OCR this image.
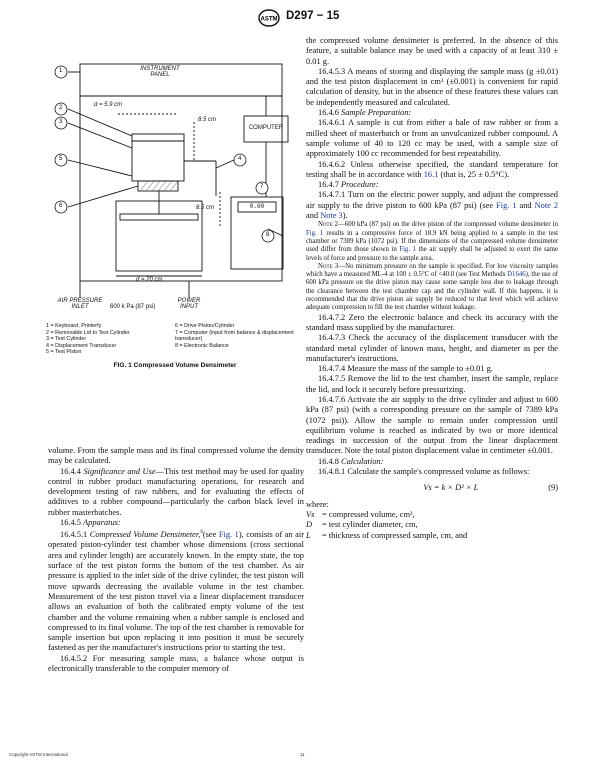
ASTM D297 − 15
INSTRUMENT PANEL
d = 5.9 cm
8.5 cm
COMPUTER
8.5 cm	0.00
d = 20 cm
AIR PRESSURE INLET	600 k Pa (87 psi)
POWER INPUT
1
2
3
4
5
6
7
8
1 = Keyboard, Printerfy
2 = Removable Lid to Test Cylinder
3 = Test Cylinder
4 = Displacement Transducer
5 = Test Piston
6 = Drive Piston/Cylinder
7 = Computer (input from balance & displacement transducer)
8 = Electronic Balance
FIG. 1 Compressed Volume Densimeter

volume. From the sample mass and its final compressed volume the density may be calculated.

16.4.4 Significance and Use—This test method may be used for quality control in rubber product manufacturing operations, for research and development testing of raw rubbers, and for evaluating the effects of additives to a rubber compound—particularly the carbon black level in rubber masterbatches.

16.4.5 Apparatus:

16.4.5.1 Compressed Volume Densimeter,$^6$(see Fig. 1), consists of an air operated piston-cylinder test chamber whose dimensions (cross sectional area and cylinder length) are accurately known. In the empty state, the top surface of the test piston forms the bottom of the test chamber. As air pressure is applied to the inlet side of the drive cylinder, the test piston will move upwards decreasing the available volume in the test chamber. Measurement of the test piston travel via a linear displacement transducer allows an evaluation of both the calibrated empty volume of the test chamber and the volume remaining when a rubber sample is enclosed and compressed to its final volume. The top of the test chamber is removable for sample insertion but upon replacing it into position it must be securely fastened as per the manufacturer's instructions prior to starting the test.

16.4.5.2 For measuring sample mass, a balance whose output is electronically transferable to the computer memory of

the compressed volume densimeter is preferred. In the absence of this feature, a suitable balance may be used with a capacity of at least 310 ± 0.01 g.

16.4.5.3 A means of storing and displaying the sample mass (g ±0.01) and the test piston displacement in cm³ (±0.001) is convenient for rapid calculation of density, but in the absence of these features these values can be independently measured and calculated.

16.4.6 Sample Preparation:

16.4.6.1 A sample is cut from either a bale of raw rubber or from a milled sheet of masterbatch or from an unvulcanized rubber compound. A sample volume of 40 to 120 cc may be used, with a sample size of approximately 100 cc recommended for best repeatability.

16.4.6.2 Unless otherwise specified, the standard temperature for testing shall be in accordance with 16.1 (that is, 25 ± 0.5°C).

16.4.7 Procedure:

16.4.7.1 Turn on the electric power supply, and adjust the compressed air supply to the drive piston to 600 kPa (87 psi) (see Fig. 1 and Note 2 and Note 3).

Note 2—600 kPa (87 psi) on the drive piston of the compressed volume densimeter in Fig. 1 results in a compressive force of 18.9 kN being applied to a sample in the test chamber or 7389 kPa (1072 psi). If the dimensions of the compressed volume densimeter used differ from those shown in Fig. 1 the air supply shall be adjusted to exert the same levels of force and pressure to the sample area.

Note 3—No minimum pressure on the sample is specified. For low viscosity samples which have a measured ML-4 at 100 ± 0.5°C of <40.0 (see Test Methods D1646), the use of 600 kPa pressure on the drive piston may cause some sample loss due to leakage through the clearance between the test chamber cap and the cylinder wall. If this happens, it is recommended that the drive piston air supply be reduced to that level which will achieve adequate compression to fill the test chamber without leakage.

16.4.7.2 Zero the electronic balance and check its accuracy with the standard mass supplied by the manufacturer.

16.4.7.3 Check the accuracy of the displacement transducer with the standard metal cylinder of known mass, height, and diameter as per the manufacturer's instructions.

16.4.7.4 Measure the mass of the sample to ±0.01 g.

16.4.7.5 Remove the lid to the test chamber, insert the sample, replace the lid, and lock it securely before pressurizing.

16.4.7.6 Activate the air supply to the drive cylinder and adjust to 600 kPa (87 psi) (with a corresponding pressure on the sample of 7389 kPa (1072 psi)). Allow the sample to remain under compression until equilibrium volume is reached as indicated by two or more identical readings in succession of the output from the linear displacement transducer. Note the total piston displacement value in centimeter ±0.001.

16.4.8 Calculation:

16.4.8.1 Calculate the sample's compressed volume as follows:

Vs = k × D² × L	(9)

where:

Vs	= compressed volume, cm³,
D	= test cylinder diameter, cm,
L	= thickness of compressed sample, cm, and
Copyright ASTM International	11
